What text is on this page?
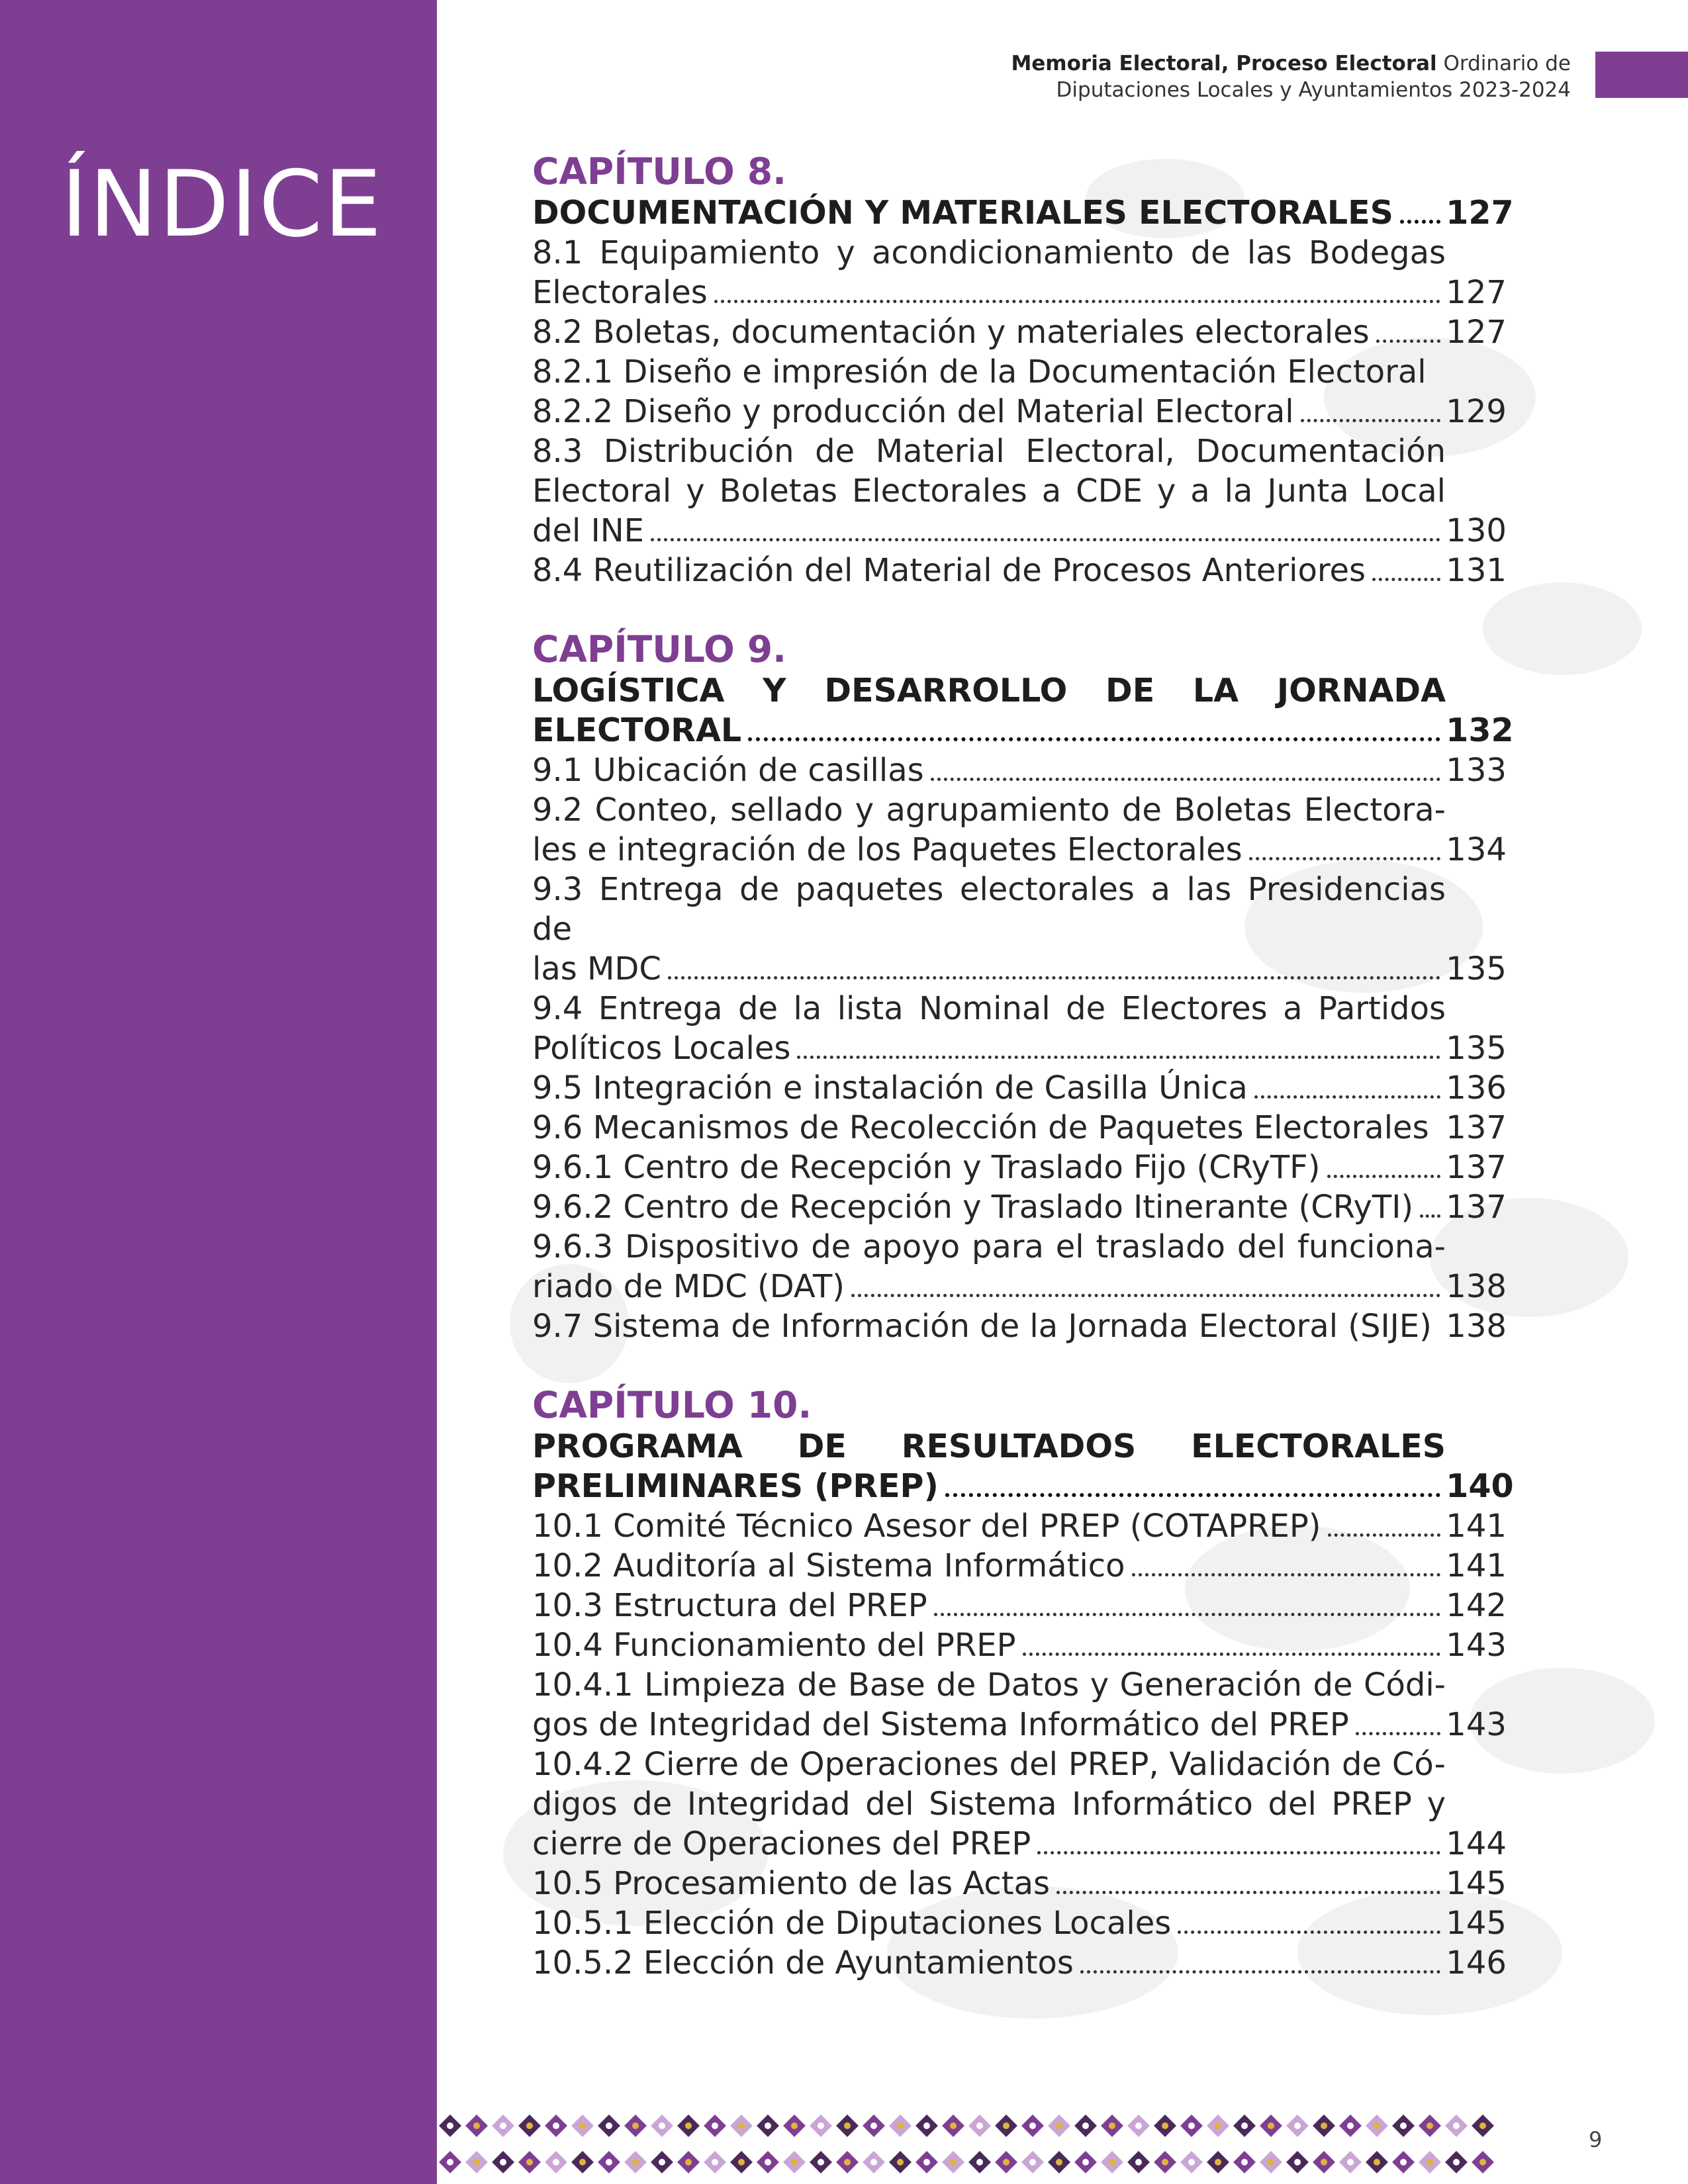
ÍNDICE
Memoria Electoral, Proceso Electoral Ordinario de
Diputaciones Locales y Ayuntamientos 2023-2024
CAPÍTULO 8.
DOCUMENTACIÓN Y MATERIALES ELECTORALES 127
8.1 Equipamiento y acondicionamiento de las Bodegas
Electorales	127
8.2 Boletas, documentación y materiales electorales 127
8.2.1 Diseño e impresión de la Documentación Electoral
8.2.2 Diseño y producción del Material Electoral	129
8.3 Distribución de Material Electoral, Documentación
Electoral y Boletas Electorales a CDE y a la Junta Local
del INE	130
8.4 Reutilización del Material de Procesos Anteriores	131
CAPÍTULO 9.
LOGÍSTICA Y DESARROLLO DE LA JORNADA
ELECTORAL	132
9.1 Ubicación de casillas	133
9.2 Conteo, sellado y agrupamiento de Boletas Electora-
les e integración de los Paquetes Electorales	134
9.3 Entrega de paquetes electorales a las Presidencias de
las MDC	135
9.4 Entrega de la lista Nominal de Electores a Partidos
Políticos Locales	135
9.5 Integración e instalación de Casilla Única	136
9.6 Mecanismos de Recolección de Paquetes Electorales 137
9.6.1 Centro de Recepción y Traslado Fijo (CRyTF)	137
9.6.2 Centro de Recepción y Traslado Itinerante (CRyTI) 137
9.6.3 Dispositivo de apoyo para el traslado del funciona-
riado de MDC (DAT)	138
9.7 Sistema de Información de la Jornada Electoral (SIJE) 138
CAPÍTULO 10.
PROGRAMA DE RESULTADOS ELECTORALES
PRELIMINARES (PREP)	140
10.1 Comité Técnico Asesor del PREP (COTAPREP)	141
10.2 Auditoría al Sistema Informático	141
10.3 Estructura del PREP	142
10.4 Funcionamiento del PREP	143
10.4.1 Limpieza de Base de Datos y Generación de Códi-
gos de Integridad del Sistema Informático del PREP	143
10.4.2 Cierre de Operaciones del PREP, Validación de Có-
digos de Integridad del Sistema Informático del PREP y
cierre de Operaciones del PREP	144
10.5 Procesamiento de las Actas	145
10.5.1 Elección de Diputaciones Locales	145
10.5.2 Elección de Ayuntamientos	146
9
